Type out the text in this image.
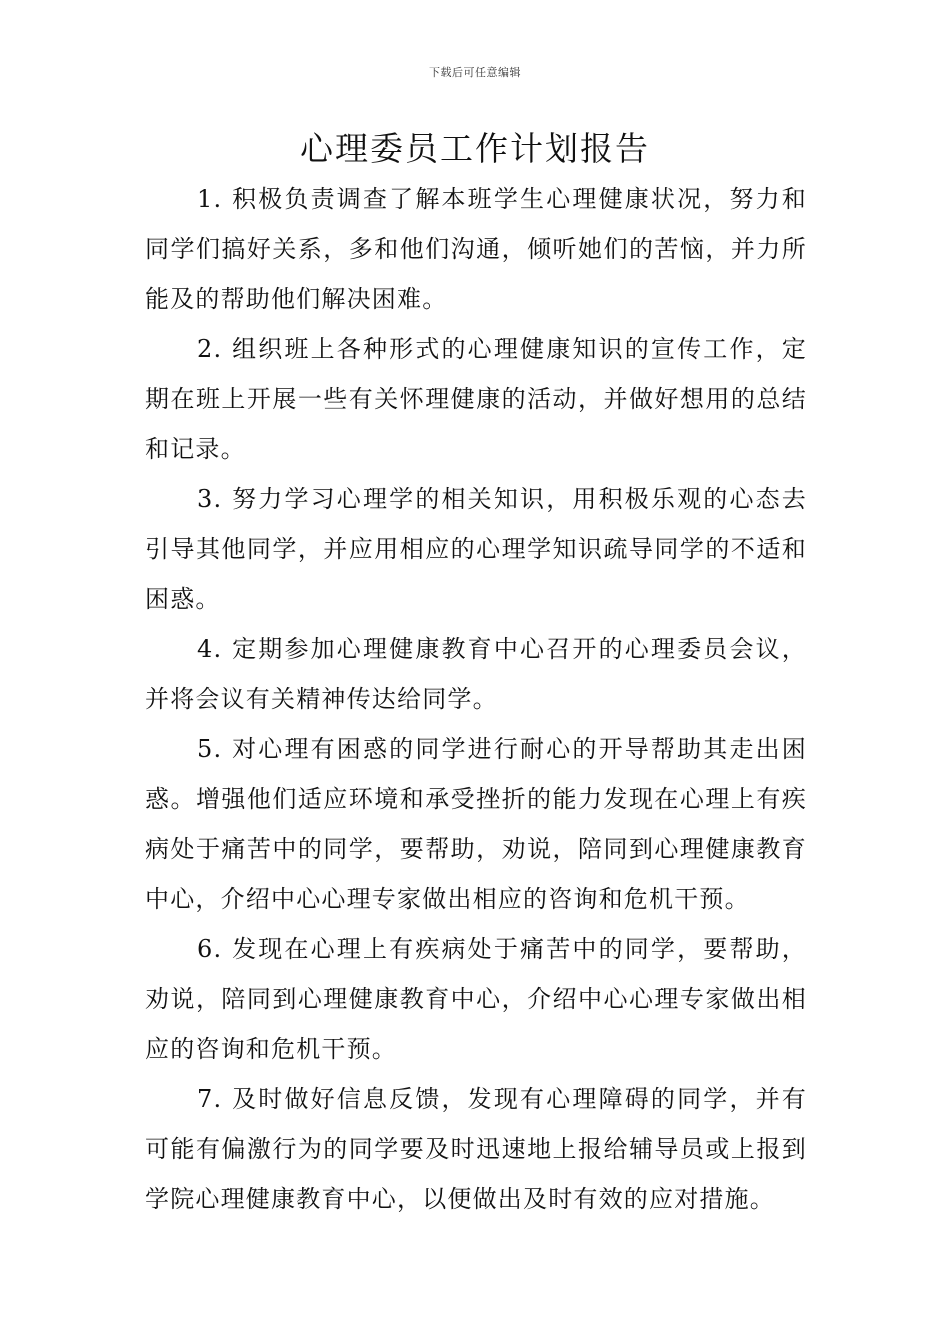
下载后可任意编辑
心理委员工作计划报告

1. 积极负责调查了解本班学生心理健康状况，努力和同学们搞好关系，多和他们沟通，倾听她们的苦恼，并力所能及的帮助他们解决困难。

2. 组织班上各种形式的心理健康知识的宣传工作，定期在班上开展一些有关怀理健康的活动，并做好想用的总结和记录。

3. 努力学习心理学的相关知识，用积极乐观的心态去引导其他同学，并应用相应的心理学知识疏导同学的不适和困惑。

4. 定期参加心理健康教育中心召开的心理委员会议，并将会议有关精神传达给同学。

5. 对心理有困惑的同学进行耐心的开导帮助其走出困惑。增强他们适应环境和承受挫折的能力发现在心理上有疾病处于痛苦中的同学，要帮助，劝说，陪同到心理健康教育中心，介绍中心心理专家做出相应的咨询和危机干预。

6. 发现在心理上有疾病处于痛苦中的同学，要帮助，劝说，陪同到心理健康教育中心，介绍中心心理专家做出相应的咨询和危机干预。

7. 及时做好信息反馈，发现有心理障碍的同学，并有可能有偏激行为的同学要及时迅速地上报给辅导员或上报到学院心理健康教育中心，以便做出及时有效的应对措施。
